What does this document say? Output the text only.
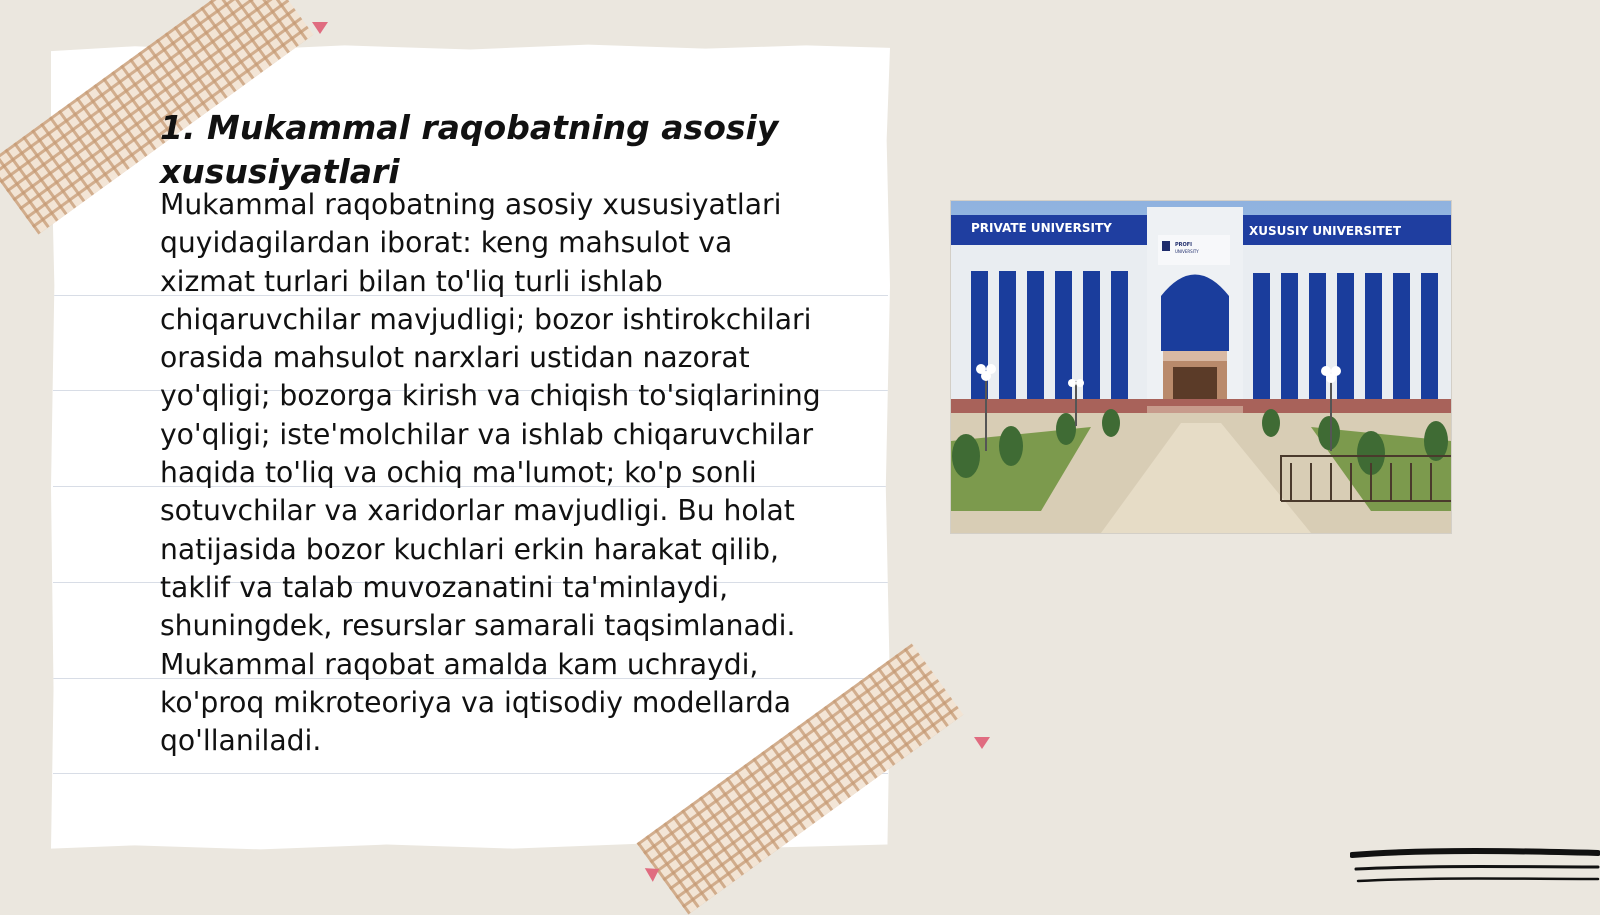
1. Mukammal raqobatning asosiy xususiyatlari

Mukammal raqobatning asosiy xususiyatlari quyidagilardan iborat: keng mahsulot va xizmat turlari bilan to'liq turli ishlab chiqaruvchilar mavjudligi; bozor ishtirokchilari orasida mahsulot narxlari ustidan nazorat yo'qligi; bozorga kirish va chiqish to'siqlarining yo'qligi; iste'molchilar va ishlab chiqaruvchilar haqida to'liq va ochiq ma'lumot; ko'p sonli sotuvchilar va xaridorlar mavjudligi. Bu holat natijasida bozor kuchlari erkin harakat qilib, taklif va talab muvozanatini ta'minlaydi, shuningdek, resurslar samarali taqsimlanadi. Mukammal raqobat amalda kam uchraydi, ko'proq mikroteoriya va iqtisodiy modellarda qo'llaniladi.

PROFI
UNIVERSITY
PRIVATE UNIVERSITY	XUSUSIY UNIVERSITET
